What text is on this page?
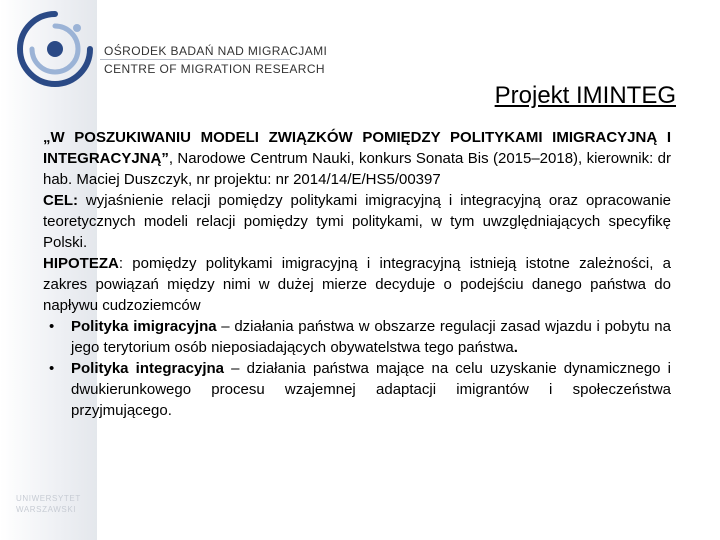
OŚRODEK BADAŃ NAD MIGRACJAMI
CENTRE OF MIGRATION RESEARCH
UNIWERSYTET
WARSZAWSKI
Projekt IMINTEG

„W POSZUKIWANIU MODELI ZWIĄZKÓW POMIĘDZY POLITYKAMI IMIGRACYJNĄ I INTEGRACYJNĄ”, Narodowe Centrum Nauki, konkurs Sonata Bis (2015–2018), kierownik: dr hab. Maciej Duszczyk, nr projektu: nr 2014/14/E/HS5/00397

CEL: wyjaśnienie relacji pomiędzy politykami imigracyjną i integracyjną oraz opracowanie teoretycznych modeli relacji pomiędzy tymi politykami, w tym uwzględniających specyfikę Polski.

HIPOTEZA: pomiędzy politykami imigracyjną i integracyjną istnieją istotne zależności, a zakres powiązań między nimi w dużej mierze decyduje o podejściu danego państwa do napływu cudzoziemców

• Polityka imigracyjna – działania państwa w obszarze regulacji zasad wjazdu i pobytu na jego terytorium osób nieposiadających obywatelstwa tego państwa.
• Polityka integracyjna – działania państwa mające na celu uzyskanie dynamicznego i dwukierunkowego procesu wzajemnej adaptacji imigrantów i społeczeństwa przyjmującego.
